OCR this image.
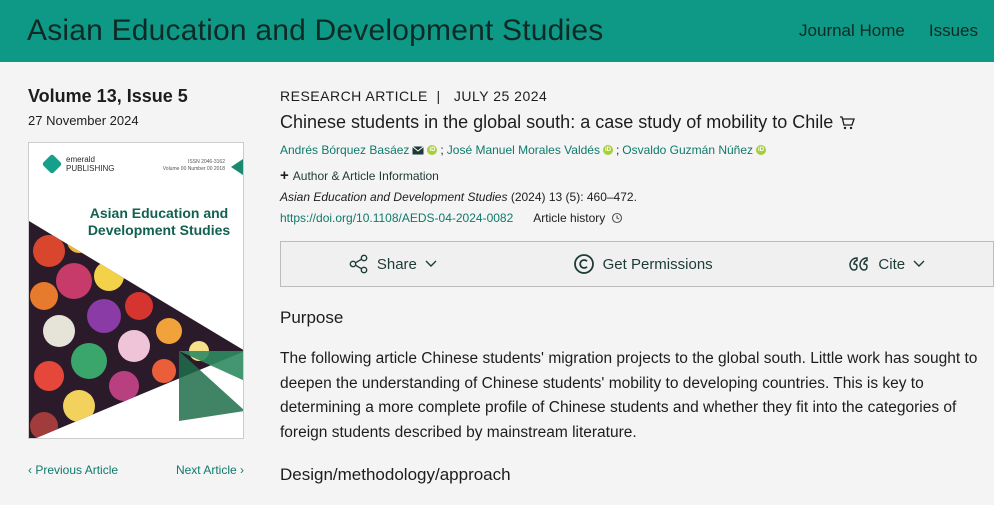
Asian Education and Development Studies	Journal Home Issues
Volume 13, Issue 5
27 November 2024
emerald
PUBLISHING
ISSN 2046-3162
Volume 00 Number 00 2018
Asian Education and Development Studies
‹ Previous Article	Next Article ›
RESEARCH ARTICLE  |   JULY 25 2024
Chinese students in the global south: a case study of mobility to Chile
Andrés Bórquez Basáez	iD ; José Manuel Morales Valdés iD ; Osvaldo Guzmán Núñez iD
+ Author & Article Information
Asian Education and Development Studies (2024) 13 (5): 460–472.
https://doi.org/10.1108/AEDS-04-2024-0082 Article history
Share	Get Permissions	Cite
Purpose

The following article Chinese students' migration projects to the global south. Little work has sought to deepen the understanding of Chinese students' mobility to developing countries. This is key to determining a more complete profile of Chinese students and whether they fit into the categories of foreign students described by mainstream literature.

Design/methodology/approach
